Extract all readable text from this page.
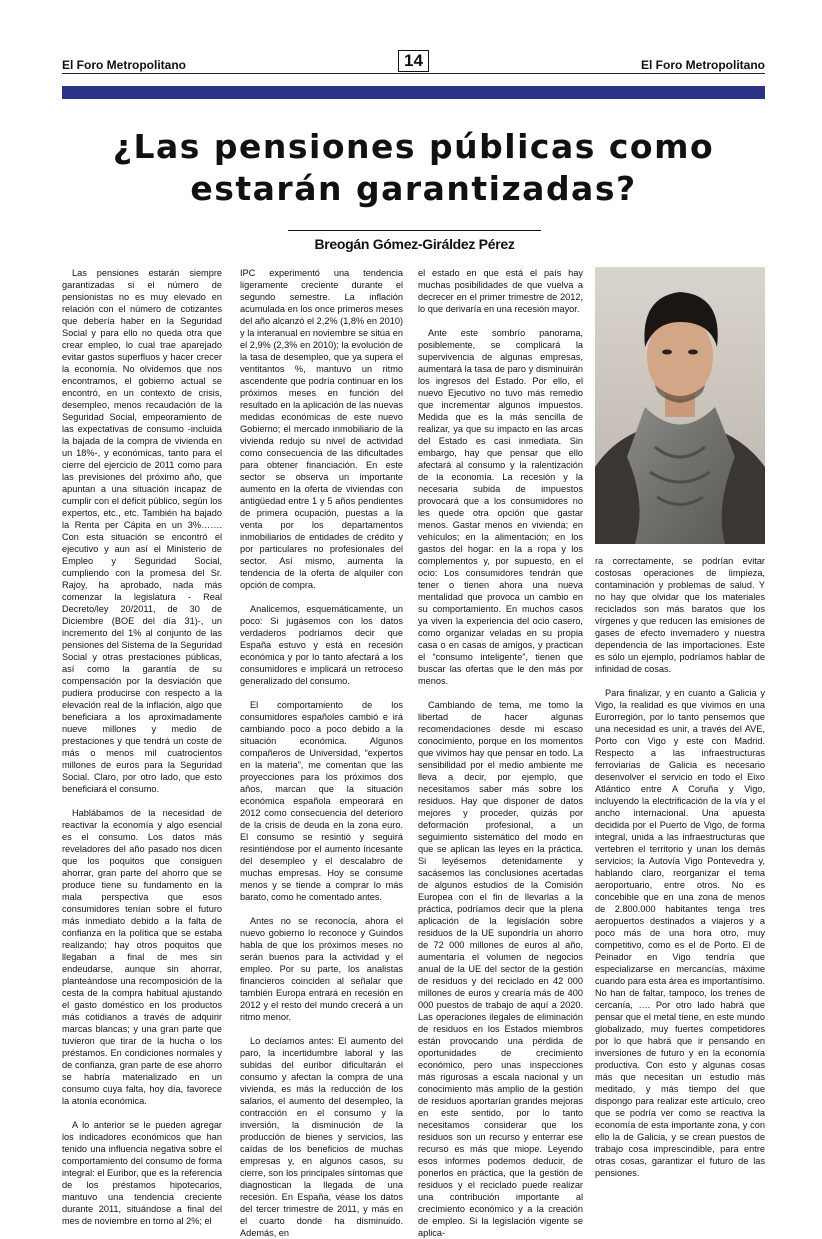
El Foro Metropolitano	14	El Foro Metropolitano
¿Las pensiones públicas como
estarán garantizadas?
Breogán Gómez-Giráldez Pérez

Las pensiones estarán siempre garantizadas si el número de pensionistas no es muy elevado en relación con el número de cotizantes que debería haber en la Seguridad Social y para ello no queda otra que crear empleo, lo cual trae aparejado evitar gastos superfluos y hacer crecer la economía. No olvidemos que nos encontramos, el gobierno actual se encontró, en un contexto de crisis, desempleo, menos recaudación de la Seguridad Social, empeoramiento de las expectativas de consumo -incluida la bajada de la compra de vivienda en un 18%-, y económicas, tanto para el cierre del ejercicio de 2011 como para las previsiones del próximo año, que apuntan a una situación incapaz de cumplir con el déficit público, según los expertos, etc., etc. También ha bajado la Renta per Cápita en un 3%……. Con esta situación se encontró el ejecutivo y aun así el Ministerio de Empleo y Seguridad Social, cumpliendo con la promesa del Sr. Rajoy, ha aprobado, nada más comenzar la legislatura - Real Decreto/ley 20/2011, de 30 de Diciembre (BOE del día 31)-, un incremento del 1% al conjunto de las pensiones del Sistema de la Seguridad Social y otras prestaciones públicas, así como la garantía de su compensación por la desviación que pudiera producirse con respecto a la elevación real de la inflación, algo que beneficiara a los aproximadamente nueve millones y medio de prestaciones y que tendrá un coste de más o menos mil cuatrocientos millones de euros para la Seguridad Social. Claro, por otro lado, que esto beneficiará el consumo.

Hablábamos de la necesidad de reactivar la economía y algo esencial es el consumo. Los datos más reveladores del año pasado nos dicen que los poquitos que consiguen ahorrar, gran parte del ahorro que se produce tiene su fundamento en la mala perspectiva que esos consumidores tenían sobre el futuro más inmediato debido a la falta de confianza en la política que se estaba realizando; hay otros poquitos que llegaban a final de mes sin endeudarse, aunque sin ahorrar, planteándose una recomposición de la cesta de la compra habitual ajustando el gasto doméstico en los productos más cotidianos a través de adquirir marcas blancas; y una gran parte que tuvieron que tirar de la hucha o los préstamos. En condiciones normales y de confianza, gran parte de ese ahorro se habría materializado en un consumo cuya falta, hoy día, favorece la atonía económica.

A lo anterior se le pueden agregar los indicadores económicos que han tenido una influencia negativa sobre el comportamiento del consumo de forma integral: el Euribor, que es la referencia de los préstamos hipotecarios, mantuvo una tendencia creciente durante 2011, situándose a final del mes de noviembre en torno al 2%; el

IPC experimentó una tendencia ligeramente creciente durante el segundo semestre. La inflación acumulada en los once primeros meses del año alcanzó el 2,2% (1,8% en 2010) y la interanual en noviembre se sitúa en el 2,9% (2,3% en 2010); la evolución de la tasa de desempleo, que ya supera el ventitantos %, mantuvo un ritmo ascendente que podría continuar en los próximos meses en función del resultado en la aplicación de las nuevas medidas económicas de este nuevo Gobierno; el mercado inmobiliario de la vivienda redujo su nivel de actividad como consecuencia de las dificultades para obtener financiación. En este sector se observa un importante aumento en la oferta de viviendas con antigüedad entre 1 y 5 años pendientes de primera ocupación, puestas a la venta por los departamentos inmobiliarios de entidades de crédito y por particulares no profesionales del sector. Así mismo, aumenta la tendencia de la oferta de alquiler con opción de compra.

Analicemos, esquemáticamente, un poco: Si jugásemos con los datos verdaderos podríamos decir que España estuvo y está en recesión económica y por lo tanto afectará a los consumidores e implicará un retroceso generalizado del consumo.

El comportamiento de los consumidores españoles cambió e irá cambiando poco a poco debido a la situación económica. Algunos compañeros de Universidad, “expertos en la materia”, me comentan que las proyecciones para los próximos dos años, marcan que la situación económica española empeorará en 2012 como consecuencia del deterioro de la crisis de deuda en la zona euro. El consumo se resintió y seguirá resintiéndose por el aumento incesante del desempleo y el descalabro de muchas empresas. Hoy se consume menos y se tiende a comprar lo más barato, como he comentado antes.

Antes no se reconocía, ahora el nuevo gobierno lo reconoce y Guindos habla de que los próximos meses no serán buenos para la actividad y el empleo. Por su parte, los analistas financieros coinciden al señalar que también Europa entrará en recesión en 2012 y el resto del mundo crecerá a un ritmo menor.

Lo decíamos antes: El aumento del paro, la incertidumbre laboral y las subidas del euribor dificultarán el consumo y afectan la compra de una vivienda, es más la reducción de los salarios, el aumento del desempleo, la contracción en el consumo y la inversión, la disminución de la producción de bienes y servicios, las caídas de los beneficios de muchas empresas y, en algunos casos, su cierre, son los principales síntomas que diagnostican la llegada de una recesión. En España, véase los datos del tercer trimestre de 2011, y más en el cuarto donde ha disminuido. Además, en

el estado en que está el país hay muchas posibilidades de que vuelva a decrecer en el primer trimestre de 2012, lo que derivaría en una recesión mayor.

Ante este sombrío panorama, posiblemente, se complicará la supervivencia de algunas empresas, aumentará la tasa de paro y disminuirán los ingresos del Estado. Por ello, el nuevo Ejecutivo no tuvo más remedio que incrementar algunos impuestos. Medida que es la más sencilla de realizar, ya que su impacto en las arcas del Estado es casi inmediata. Sin embargo, hay que pensar que ello afectará al consumo y la ralentización de la economía. La recesión y la necesaria subida de impuestos provocará que a los consumidores no les quede otra opción que gastar menos. Gastar menos en vivienda; en vehículos; en la alimentación; en los gastos del hogar: en la a ropa y los complementos y, por supuesto, en el ocio: Los consumidores tendrán que tener o tienen ahora una nueva mentalidad que provoca un cambio en su comportamiento. En muchos casos ya viven la experiencia del ocio casero, como organizar veladas en su propia casa o en casas de amigos, y practican el “consumo inteligente”, tienen que buscar las ofertas que le den más por menos.

Cambiando de tema, me tomo la libertad de hacer algunas recomendaciones desde mi escaso conocimiento, porque en los momentos que vivimos hay que pensar en todo. La sensibilidad por el medio ambiente me lleva a decir, por ejemplo, que necesitamos saber más sobre los residuos. Hay que disponer de datos mejores y proceder, quizás por deformación profesional, a un seguimiento sistemático del modo en que se aplican las leyes en la práctica. Si leyésemos detenidamente y sacásemos las conclusiones acertadas de algunos estudios de la Comisión Europea con el fin de llevarlas a la práctica, podríamos decir que la plena aplicación de la legislación sobre residuos de la UE supondría un ahorro de 72 000 millones de euros al año, aumentaría el volumen de negocios anual de la UE del sector de la gestión de residuos y del reciclado en 42 000 millones de euros y crearía más de 400 000 puestos de trabajo de aquí a 2020. Las operaciones ilegales de eliminación de residuos en los Estados miembros están provocando una pérdida de oportunidades de crecimiento económico, pero unas inspecciones más rigurosas a escala nacional y un conocimiento más amplio de la gestión de residuos aportarían grandes mejoras en este sentido, por lo tanto necesitamos considerar que los residuos son un recurso y enterrar ese recurso es más que miope. Leyendo esos informes podemos deducir, de ponerlos en práctica, que la gestión de residuos y el reciclado puede realizar una contribución importante al crecimiento económico y a la creación de empleo. Si la legislación vigente se aplica-

ra correctamente, se podrían evitar costosas operaciones de limpieza, contaminación y problemas de salud. Y no hay que olvidar que los materiales reciclados son más baratos que los vírgenes y que reducen las emisiones de gases de efecto invernadero y nuestra dependencia de las importaciones. Este es sólo un ejemplo, podríamos hablar de infinidad de cosas.

Para finalizar, y en cuanto a Galicia y Vigo, la realidad es que vivimos en una Eurorregión, por lo tanto pensemos que una necesidad es unir, a través del AVE, Porto con Vigo y este con Madrid. Respecto a las infraestructuras ferroviarias de Galicia es necesario desenvolver el servicio en todo el Eixo Atlántico entre A Coruña y Vigo, incluyendo la electrificación de la vía y el ancho internacional. Una apuesta decidida por el Puerto de Vigo, de forma integral, unida a las infraestructuras que vertebren el territorio y unan los demás servicios; la Autovía Vigo Pontevedra y, hablando claro, reorganizar el tema aeroportuario, entre otros. No es concebible que en una zona de menos de 2.800.000 habitantes tenga tres aeropuertos destinados a viajeros y a poco más de una hora otro, muy competitivo, como es el de Porto. El de Peinador en Vigo tendría que especializarse en mercancías, máxime cuando para esta área es importantísimo. No han de faltar, tampoco, los trenes de cercanía, …. Por otro lado habrá que pensar que el metal tiene, en este mundo globalizado, muy fuertes competidores por lo que habrá que ir pensando en inversiones de futuro y en la economía productiva. Con esto y algunas cosas más que necesitan un estudio más meditado, y más tiempo del que dispongo para realizar este artículo, creo que se podría ver como se reactiva la economía de esta importante zona, y con ello la de Galicia, y se crean puestos de trabajo cosa imprescindible, para entre otras cosas, garantizar el futuro de las pensiones.
